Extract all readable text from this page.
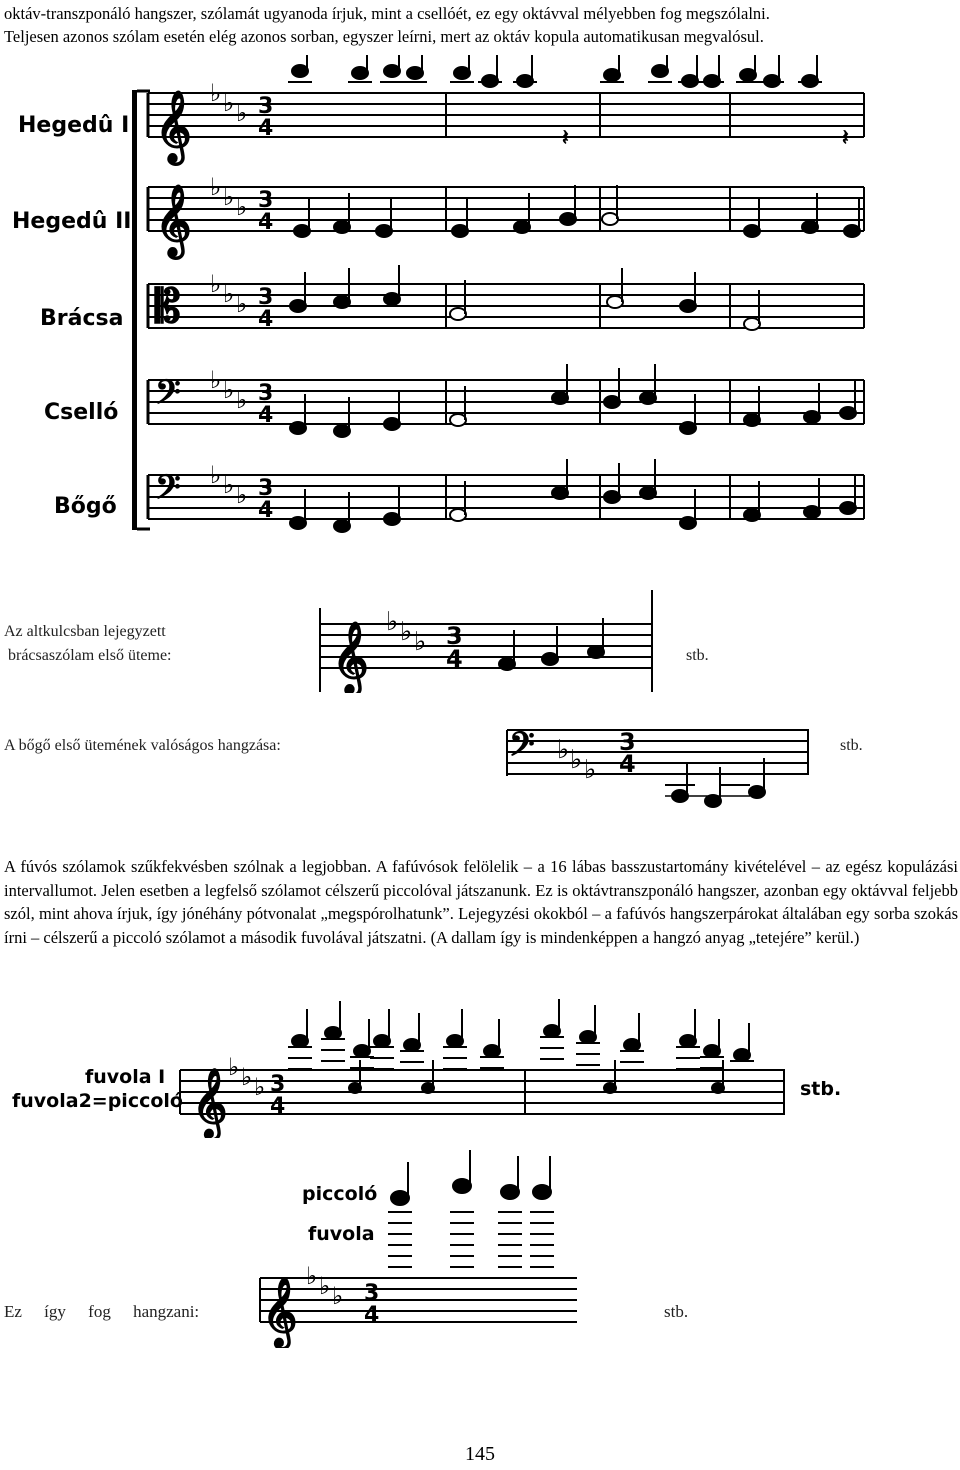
oktáv-transzponáló hangszer, szólamát ugyanoda írjuk, mint a csellóét, ez egy oktávval mélyebben fog megszólalni.
Teljesen azonos szólam esetén elég azonos sorban, egyszer leírni, mert az oktáv kopula automatikusan megvalósul.
Hegedû I
Hegedû II
Brácsa
Cselló
Bőgő
𝄞 ♭ ♭ ♭ 3
4
𝄞 ♭ ♭ ♭ 3
4
𝄡 ♭ ♭ ♭ 3
4
𝄢 ♭ ♭ ♭ 3
4
𝄢 ♭ ♭ ♭ 3
4
𝄽	𝄽
Az altkulcsban lejegyzett
brácsaszólam első üteme:	𝄞 ♭ ♭ ♭ 3
4	stb.
A bőgő első ütemének valóságos hangzása:	𝄢 ♭ ♭ ♭
3
4
stb.
A fúvós szólamok szűkfekvésben szólnak a legjobban. A fafúvósok felölelik – a 16 lábas basszustartomány kivételével – az egész kopulázási intervallumot. Jelen esetben a legfelső szólamot célszerű piccolóval játszanunk. Ez is oktávtranszponáló hangszer, azonban egy oktávval feljebb szól, mint ahova írjuk, így jónéhány pótvonalat „megspórolhatunk”. Lejegyzési okokból – a fafúvós hangszerpárokat általában egy sorba szokás írni – célszerű a piccoló szólamot a második fuvolával játszatni. (A dallam így is mindenképpen a hangzó anyag „tetejére” kerül.)
fuvola I
fuvola2=piccoló 𝄞
♭ ♭ ♭ 3
4
stb.
Ez így fog hangzani:
piccoló
fuvola
𝄞
♭ ♭ ♭ 3
4	stb.
145
